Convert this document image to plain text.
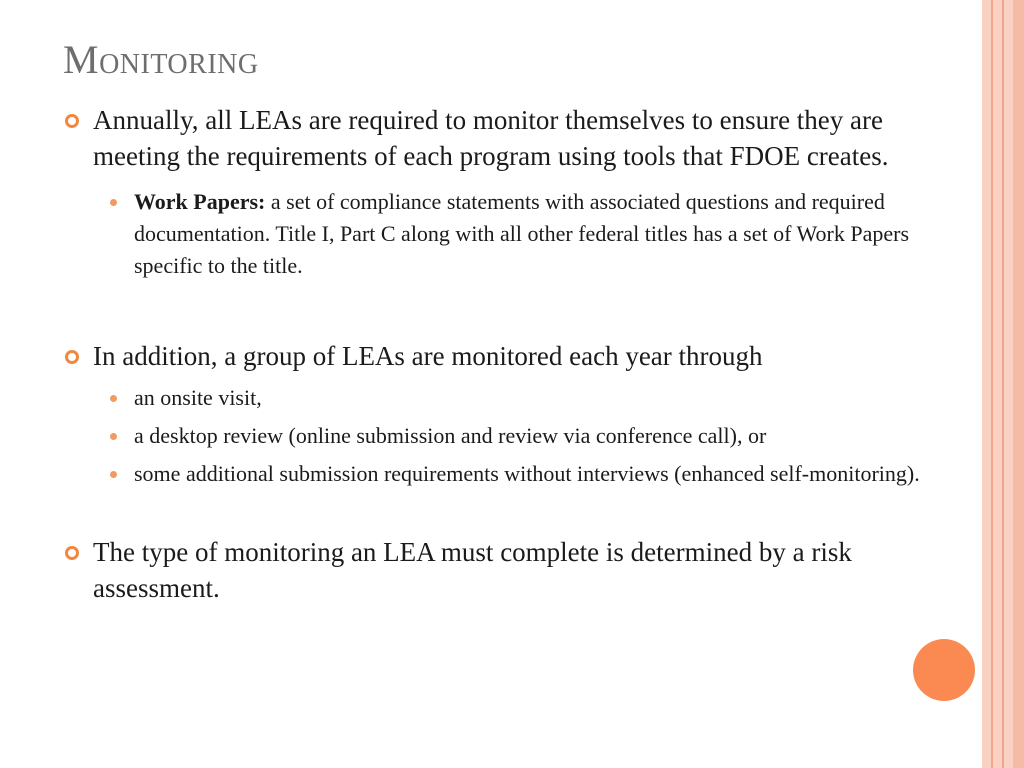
Monitoring
Annually, all LEAs are required to monitor themselves to ensure they are meeting the requirements of each program using tools that FDOE creates.
Work Papers: a set of compliance statements with associated questions and required documentation. Title I, Part C along with all other federal titles has a set of Work Papers specific to the title.
In addition, a group of LEAs are monitored each year through
an onsite visit,
a desktop review (online submission and review via conference call), or
some additional submission requirements without interviews (enhanced self-monitoring).
The type of monitoring an LEA must complete is determined by a risk assessment.
